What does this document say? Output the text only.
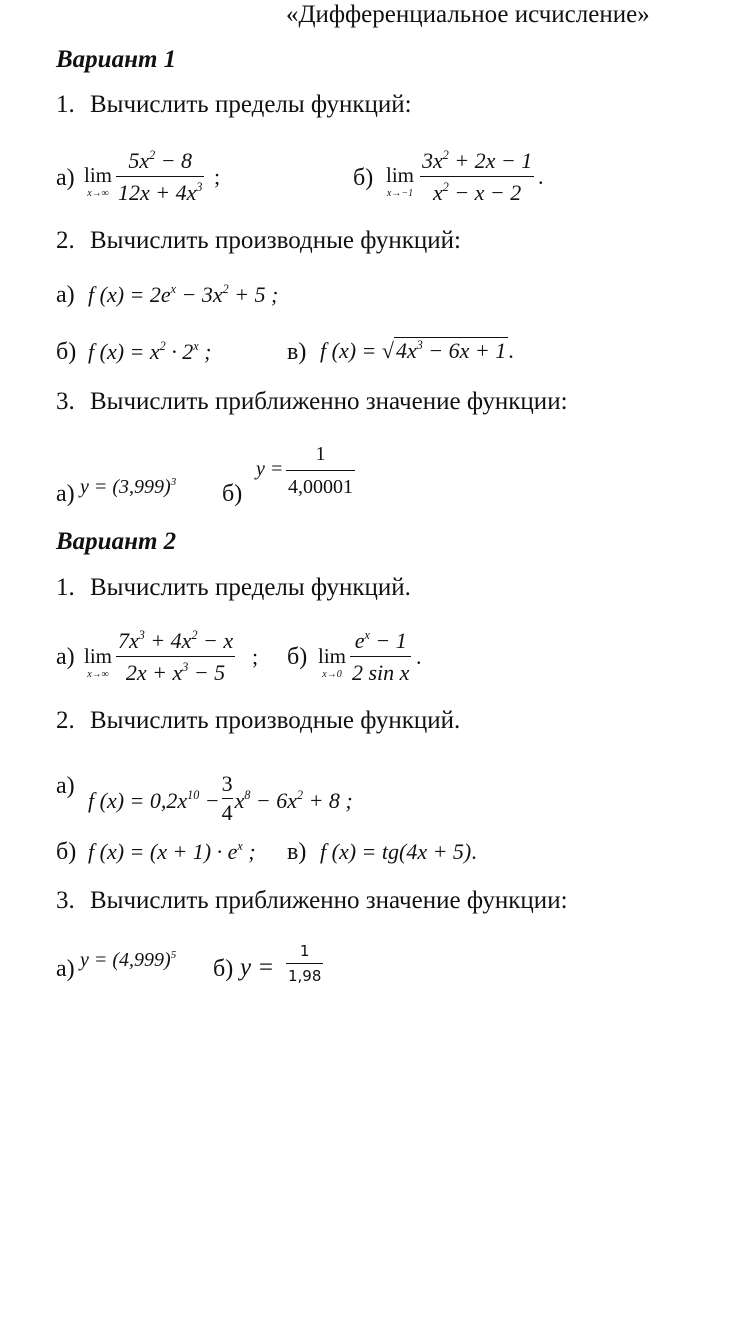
«Дифференциальное исчисление»
Вариант 1
1. Вычислить пределы функций:
а) lim
x→∞
$5x^2 - 8$
$12x + 4x^3$ ;	б) lim
x→−1
$3x^2 + 2x - 1$
$x^2 - x - 2$
.
2. Вычислить производные функций:
а) f $(x) = 2e^x - 3x^2 + 5$ ;
б) f $(x) = x^2 \cdot 2^x$ ;	в) f $(x) = √4x^3 - 6x + 1$.
3. Вычислить приближенно значение функции:
а) $y = (3,999)^3$ б)
y =
1
4,00001
Вариант 2
1. Вычислить пределы функций.
а) lim
x→∞
$7x^3 + 4x^2 - x$
$2x + x^3 - 5$
; б) lim
x→0
$e^x - 1$
2 sin x
.
2. Вычислить производные функций.
а)
f $(x) = 0,2x^{10}$ −
3
4 $x^8 - 6x^2 + 8$ ;
б) f $(x) = (x + 1) \cdot e^x$ ; в) f (x) = tg(4x + 5).
3. Вычислить приближенно значение функции:
а) $y = (4,999)^5$
б) y =
1
1,98
